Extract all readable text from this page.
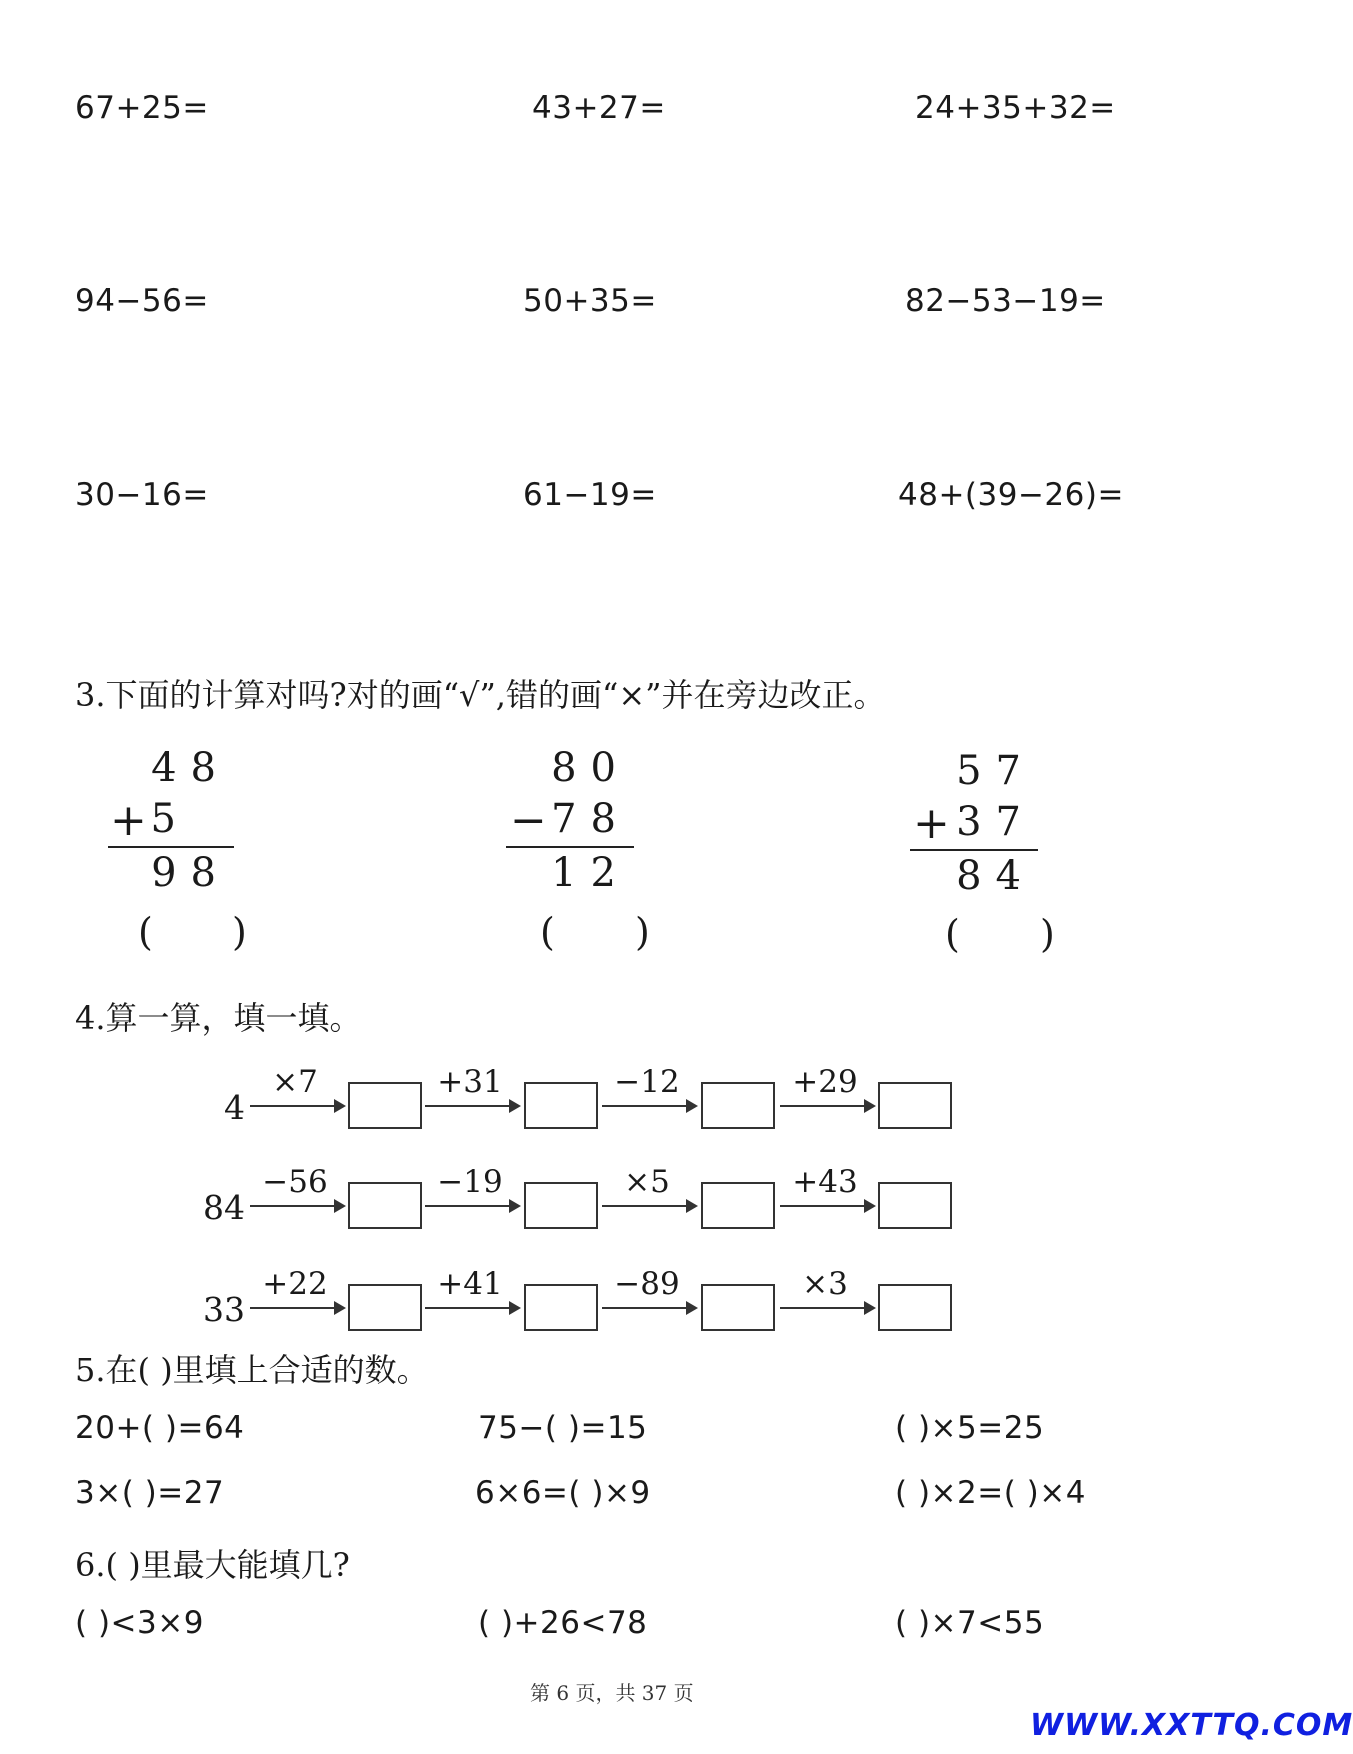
67+25=	43+27=	24+35+32=
94−56=	50+35=	82−53−19=
30−16=	61−19=	48+(39−26)=
3.下面的计算对吗?对的画“√”,错的画“×”并在旁边改正。
48
+ 5
98
( )
80
− 78
12
( )
57
+ 37
84
( )
4.算一算，填一填。
4
×7	+31	−12	+29
84
−56	−19	×5	+43
33
+22	+41	−89	×3
5.在( )里填上合适的数。
20+( )=64	75−( )=15	( )×5=25
3×( )=27	6×6=( )×9	( )×2=( )×4
6.( )里最大能填几?
( )<3×9	( )+26<78	( )×7<55
第 6 页，共 37 页
WWW.XXTTQ.COM
